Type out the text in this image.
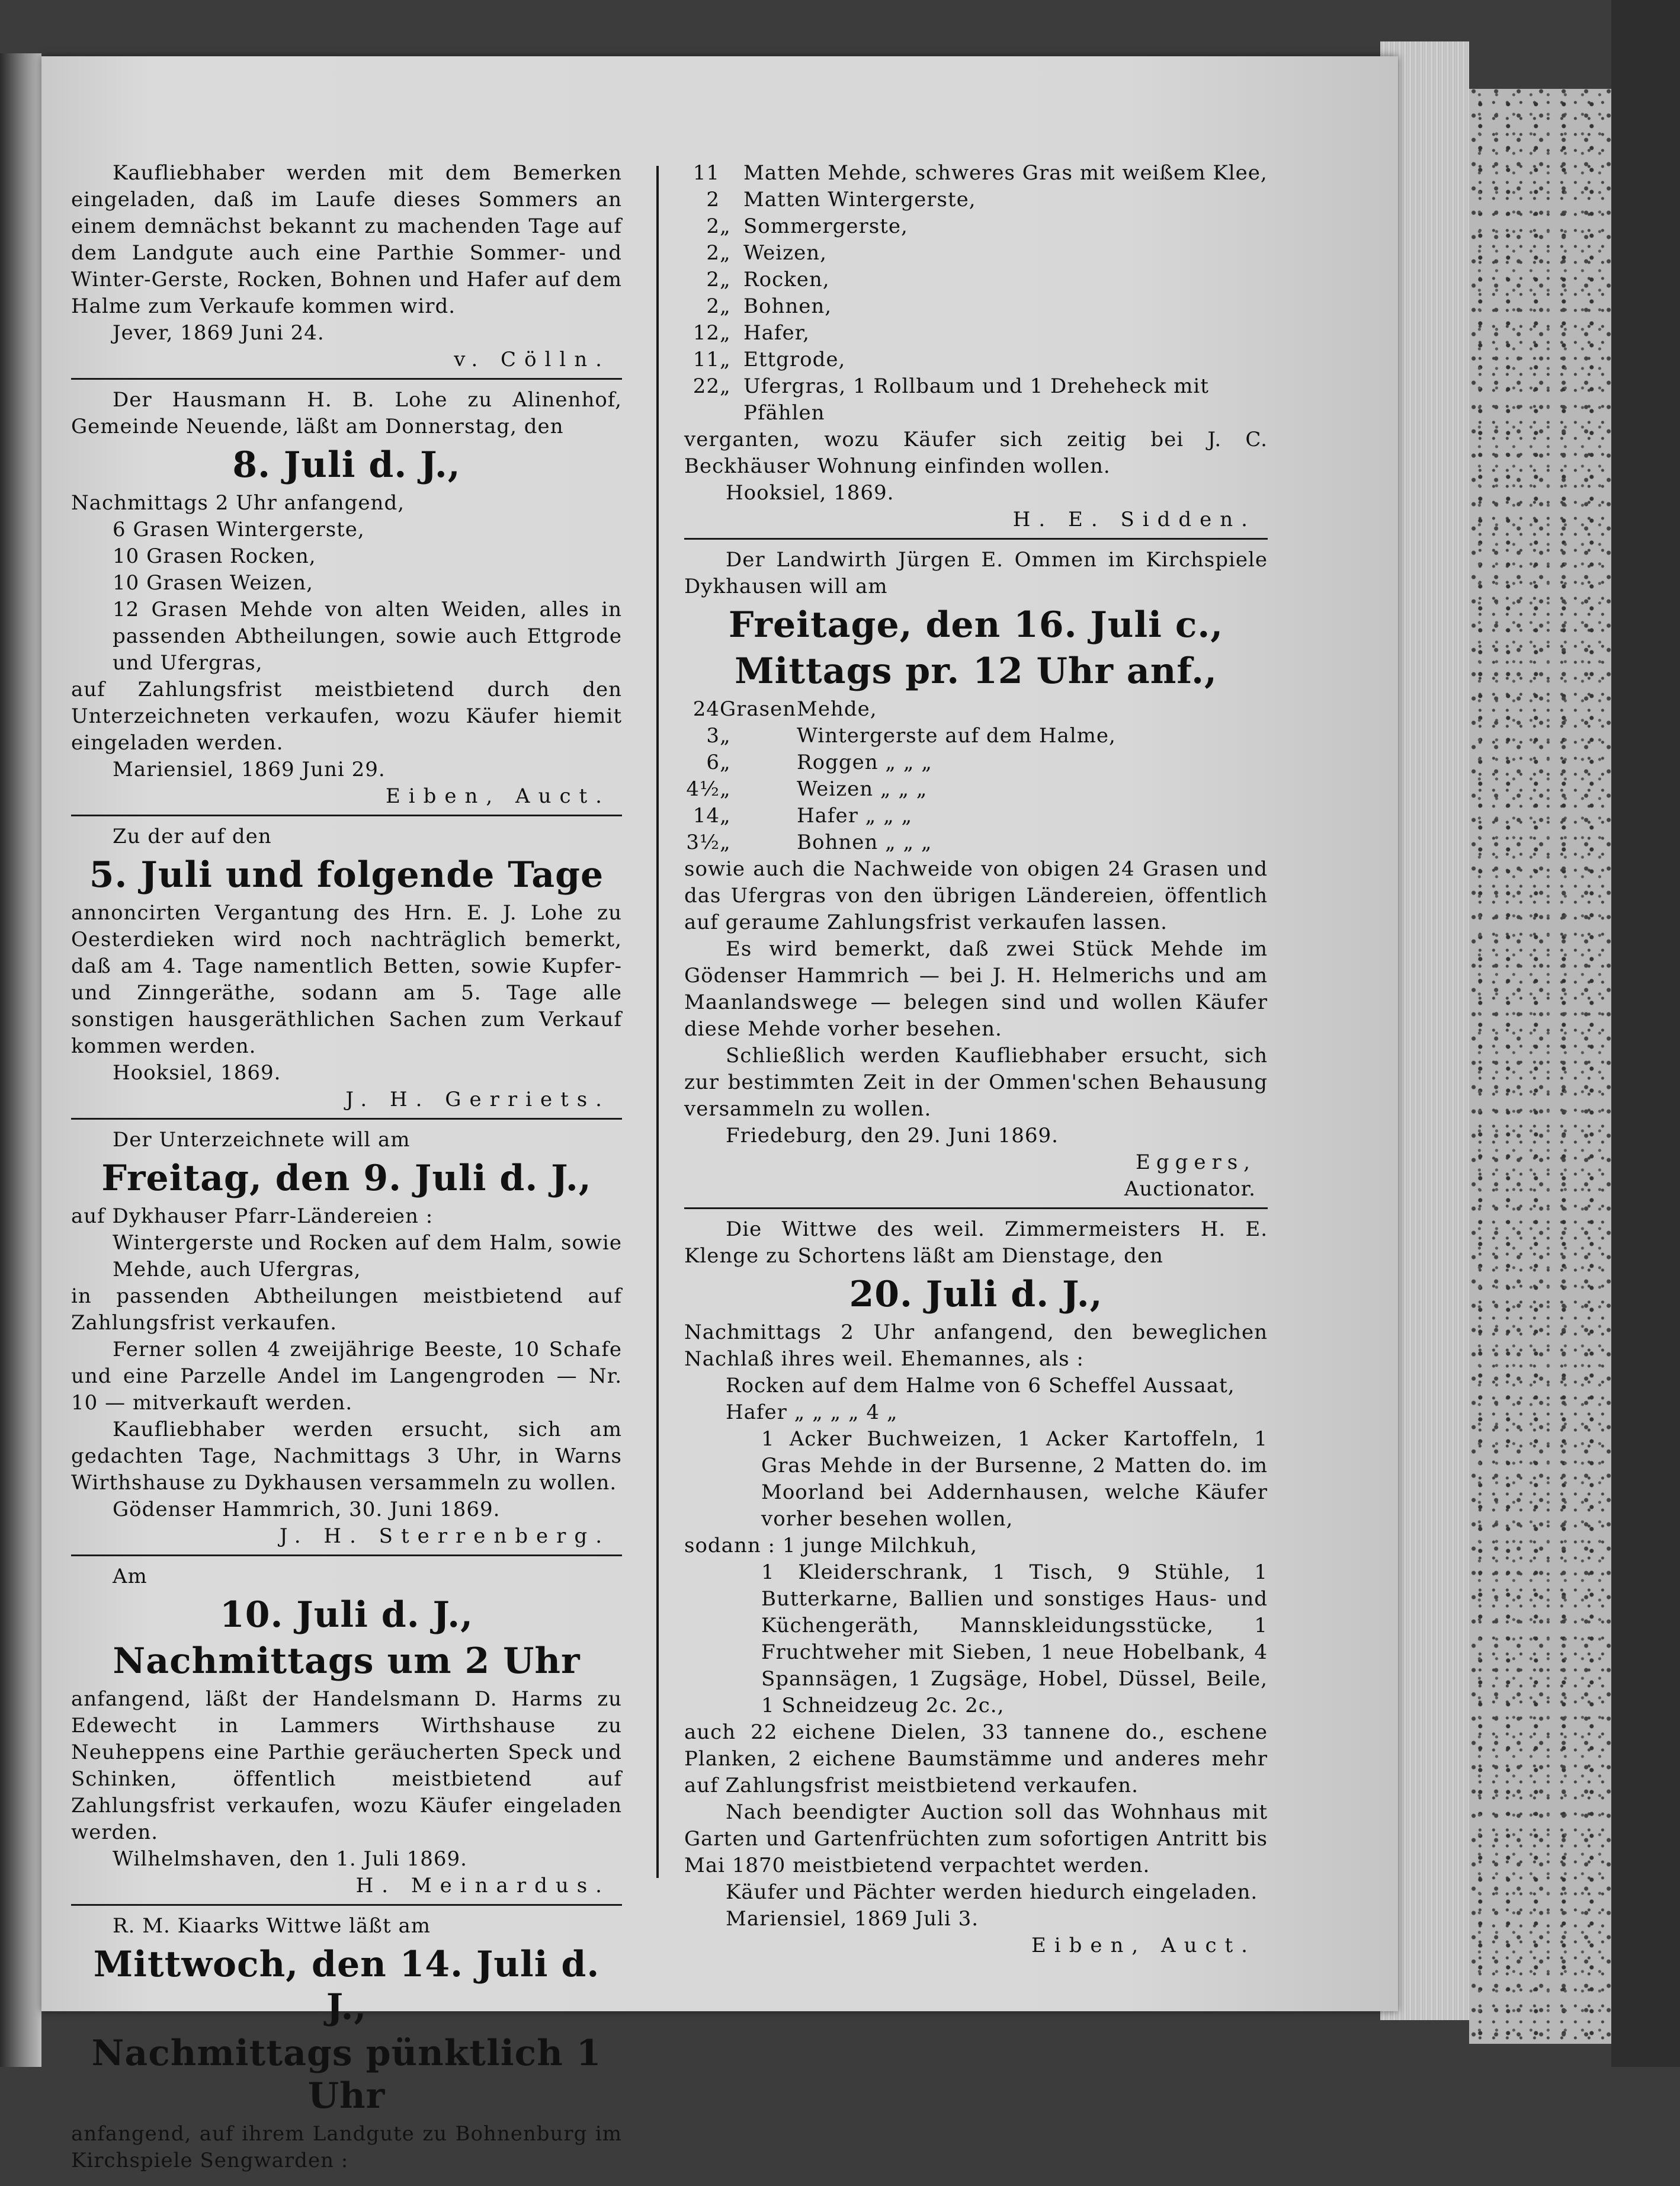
Kaufliebhaber werden mit dem Bemerken eingeladen, daß im Laufe dieses Sommers an einem demnächst bekannt zu machenden Tage auf dem Landgute auch eine Parthie Sommer- und Winter-Gerste, Rocken, Bohnen und Hafer auf dem Halme zum Verkaufe kommen wird.

Jever, 1869 Juni 24.

v. Cölln.

Der Hausmann H. B. Lohe zu Alinenhof, Gemeinde Neuende, läßt am Donnerstag, den

8. Juli d. J.,

Nachmittags 2 Uhr anfangend,

6 Grasen Wintergerste,

10 Grasen Rocken,

10 Grasen Weizen,

12 Grasen Mehde von alten Weiden, alles in passenden Abtheilungen, sowie auch Ettgrode und Ufergras,

auf Zahlungsfrist meistbietend durch den Unterzeichneten verkaufen, wozu Käufer hiemit eingeladen werden.

Mariensiel, 1869 Juni 29.

Eiben, Auct.

Zu der auf den

5. Juli und folgende Tage

annoncirten Vergantung des Hrn. E. J. Lohe zu Oesterdieken wird noch nachträglich bemerkt, daß am 4. Tage namentlich Betten, sowie Kupfer- und Zinngeräthe, sodann am 5. Tage alle sonstigen hausgeräthlichen Sachen zum Verkauf kommen werden.

Hooksiel, 1869.

J. H. Gerriets.

Der Unterzeichnete will am

Freitag, den 9. Juli d. J.,

auf Dykhauser Pfarr-Ländereien :

Wintergerste und Rocken auf dem Halm, sowie Mehde, auch Ufergras,

in passenden Abtheilungen meistbietend auf Zahlungsfrist verkaufen.

Ferner sollen 4 zweijährige Beeste, 10 Schafe und eine Parzelle Andel im Langengroden — Nr. 10 — mitverkauft werden.

Kaufliebhaber werden ersucht, sich am gedachten Tage, Nachmittags 3 Uhr, in Warns Wirthshause zu Dykhausen versammeln zu wollen.

Gödenser Hammrich, 30. Juni 1869.

J. H. Sterrenberg.

Am

10. Juli d. J.,

Nachmittags um 2 Uhr

anfangend, läßt der Handelsmann D. Harms zu Edewecht in Lammers Wirthshause zu Neuheppens eine Parthie geräucherten Speck und Schinken, öffentlich meistbietend auf Zahlungsfrist verkaufen, wozu Käufer eingeladen werden.

Wilhelmshaven, den 1. Juli 1869.

H. Meinardus.

R. M. Kiaarks Wittwe läßt am

Mittwoch, den 14. Juli d. J.,

Nachmittags pünktlich 1 Uhr

anfangend, auf ihrem Landgute zu Bohnenburg im Kirchspiele Sengwarden :

11		Matten Mehde, schweres Gras mit weißem Klee,
2		Matten Wintergerste,
2	„	Sommergerste,
2	„	Weizen,
2	„	Rocken,
2	„	Bohnen,
12	„	Hafer,
11	„	Ettgrode,
22	„	Ufergras, 1 Rollbaum und 1 Dreheheck mit Pfählen

verganten, wozu Käufer sich zeitig bei J. C. Beckhäuser Wohnung einfinden wollen.

Hooksiel, 1869.

H. E. Sidden.

Der Landwirth Jürgen E. Ommen im Kirchspiele Dykhausen will am

Freitage, den 16. Juli c.,

Mittags pr. 12 Uhr anf.,

24	Grasen	Mehde,
3	„	Wintergerste auf dem Halme,
6	„	Roggen „ „ „
4½	„	Weizen „ „ „
14	„	Hafer „ „ „
3½	„	Bohnen „ „ „

sowie auch die Nachweide von obigen 24 Grasen und das Ufergras von den übrigen Ländereien, öffentlich auf geraume Zahlungsfrist verkaufen lassen.

Es wird bemerkt, daß zwei Stück Mehde im Gödenser Hammrich — bei J. H. Helmerichs und am Maanlandswege — belegen sind und wollen Käufer diese Mehde vorher besehen.

Schließlich werden Kaufliebhaber ersucht, sich zur bestimmten Zeit in der Ommen'schen Behausung versammeln zu wollen.

Friedeburg, den 29. Juni 1869.

Eggers,

Auctionator.

Die Wittwe des weil. Zimmermeisters H. E. Klenge zu Schortens läßt am Dienstage, den

20. Juli d. J.,

Nachmittags 2 Uhr anfangend, den beweglichen Nachlaß ihres weil. Ehemannes, als :

Rocken auf dem Halme von 6 Scheffel Aussaat,

Hafer „ „ „ „ 4 „

1 Acker Buchweizen, 1 Acker Kartoffeln, 1 Gras Mehde in der Bursenne, 2 Matten do. im Moorland bei Addernhausen, welche Käufer vorher besehen wollen,

sodann : 1 junge Milchkuh,

1 Kleiderschrank, 1 Tisch, 9 Stühle, 1 Butterkarne, Ballien und sonstiges Haus- und Küchengeräth, Mannskleidungsstücke, 1 Fruchtweher mit Sieben, 1 neue Hobelbank, 4 Spannsägen, 1 Zugsäge, Hobel, Düssel, Beile, 1 Schneidzeug 2c. 2c.,

auch 22 eichene Dielen, 33 tannene do., eschene Planken, 2 eichene Baumstämme und anderes mehr auf Zahlungsfrist meistbietend verkaufen.

Nach beendigter Auction soll das Wohnhaus mit Garten und Gartenfrüchten zum sofortigen Antritt bis Mai 1870 meistbietend verpachtet werden.

Käufer und Pächter werden hiedurch eingeladen.

Mariensiel, 1869 Juli 3.

Eiben, Auct.
